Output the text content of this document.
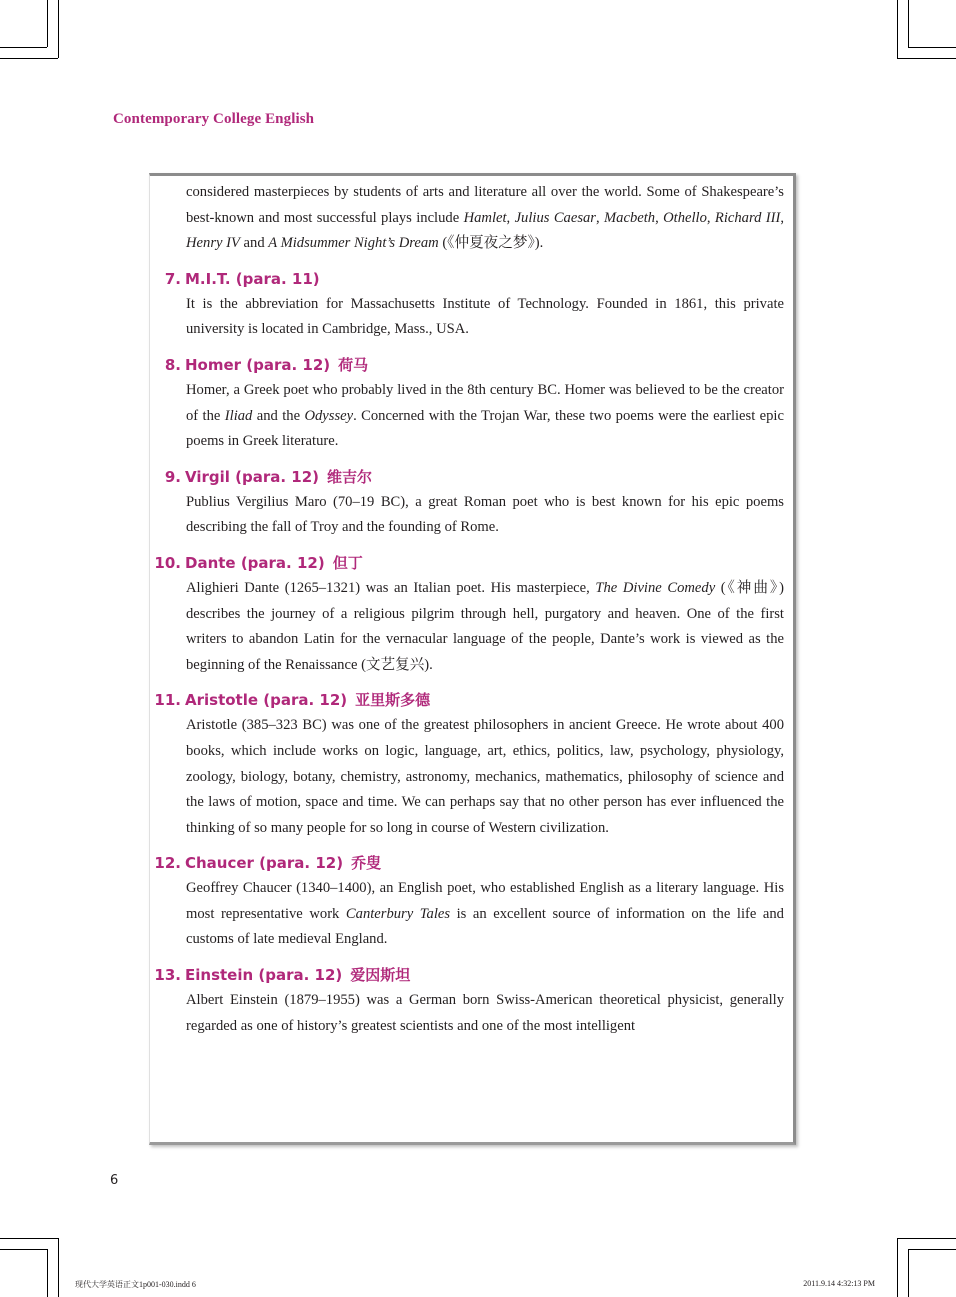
Contemporary College English

considered masterpieces by students of arts and literature all over the world. Some of Shakespeare’s best-known and most successful plays include Hamlet, Julius Caesar, Macbeth, Othello, Richard III, Henry IV and A Midsummer Night’s Dream (《仲夏夜之梦》).

7. M.I.T. (para. 11)

It is the abbreviation for Massachusetts Institute of Technology. Founded in 1861, this private university is located in Cambridge, Mass., USA.

8. Homer (para. 12) 荷马

Homer, a Greek poet who probably lived in the 8th century BC. Homer was believed to be the creator of the Iliad and the Odyssey. Concerned with the Trojan War, these two poems were the earliest epic poems in Greek literature.

9. Virgil (para. 12) 维吉尔

Publius Vergilius Maro (70–19 BC), a great Roman poet who is best known for his epic poems describing the fall of Troy and the founding of Rome.

10. Dante (para. 12) 但丁

Alighieri Dante (1265–1321) was an Italian poet. His masterpiece, The Divine Comedy (《神曲》) describes the journey of a religious pilgrim through hell, purgatory and heaven. One of the first writers to abandon Latin for the vernacular language of the people, Dante’s work is viewed as the beginning of the Renaissance (文艺复兴).

11. Aristotle (para. 12) 亚里斯多德

Aristotle (385–323 BC) was one of the greatest philosophers in ancient Greece. He wrote about 400 books, which include works on logic, language, art, ethics, politics, law, psychology, physiology, zoology, biology, botany, chemistry, astronomy, mechanics, mathematics, philosophy of science and the laws of motion, space and time. We can perhaps say that no other person has ever influenced the thinking of so many people for so long in course of Western civilization.

12. Chaucer (para. 12) 乔叟

Geoffrey Chaucer (1340–1400), an English poet, who established English as a literary language. His most representative work Canterbury Tales is an excellent source of information on the life and customs of late medieval England.

13. Einstein (para. 12) 爱因斯坦

Albert Einstein (1879–1955) was a German born Swiss-American theoretical physicist, generally regarded as one of history’s greatest scientists and one of the most intelligent

6
现代大学英语正文1p001-030.indd 6	2011.9.14 4:32:13 PM
